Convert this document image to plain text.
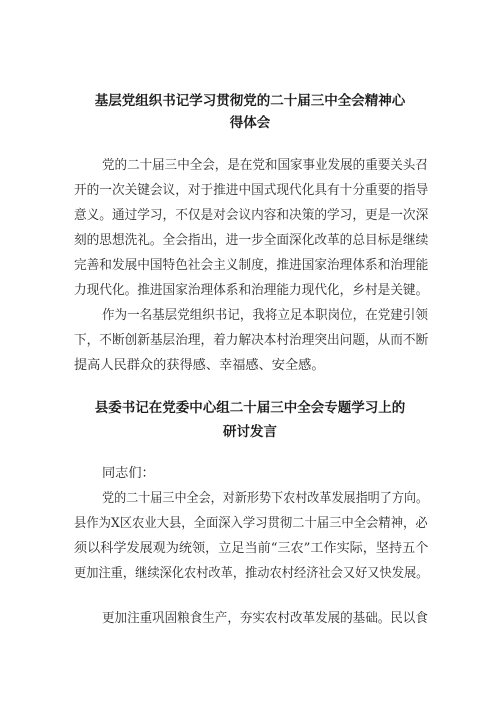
基层党组织书记学习贯彻党的二十届三中全会精神心
得体会
党的二十届三中全会，是在党和国家事业发展的重要关头召
开的一次关键会议，对于推进中国式现代化具有十分重要的指导
意义。通过学习，不仅是对会议内容和决策的学习，更是一次深
刻的思想洗礼。全会指出，进一步全面深化改革的总目标是继续
完善和发展中国特色社会主义制度，推进国家治理体系和治理能
力现代化。推进国家治理体系和治理能力现代化，乡村是关键。
作为一名基层党组织书记，我将立足本职岗位，在党建引领
下，不断创新基层治理，着力解决本村治理突出问题，从而不断
提高人民群众的获得感、幸福感、安全感。
县委书记在党委中心组二十届三中全会专题学习上的
研讨发言
同志们：
党的二十届三中全会，对新形势下农村改革发展指明了方向。
县作为X区农业大县，全面深入学习贯彻二十届三中全会精神，必
须以科学发展观为统领，立足当前“三农”工作实际，坚持五个
更加注重，继续深化农村改革，推动农村经济社会又好又快发展。
更加注重巩固粮食生产，夯实农村改革发展的基础。民以食
